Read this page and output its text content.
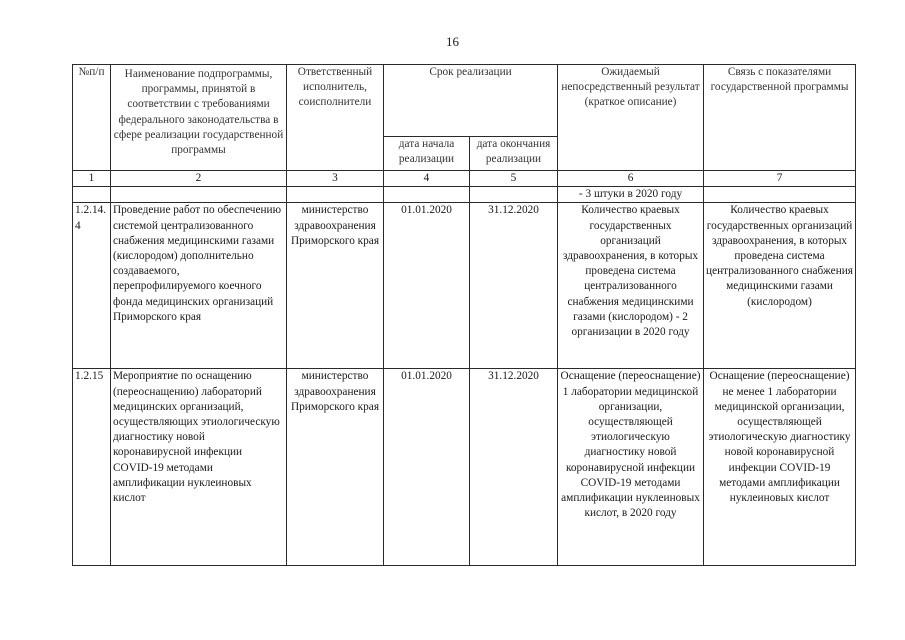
16
№п/п	Наименование подпрограммы, программы, принятой в соответствии с требованиями федерального законодательства в сфере реализации государственной программы	Ответственный исполнитель, соисполнители	Срок реализации		Ожидаемый непосредственный результат (краткое описание)	Связь с показателями государственной программы
			дата начала реализации	дата окончания реализации		
1	2	3	4	5	6	7
					- 3 штуки в 2020 году	
1.2.14.4	Проведение работ по обеспечению системой централизованного снабжения медицинскими газами (кислородом) дополнительно создаваемого, перепрофилируемого коечного фонда медицинских организаций Приморского края	министерство здравоохранения Приморского края	01.01.2020	31.12.2020	Количество краевых государственных организаций здравоохранения, в которых проведена система централизованного снабжения медицинскими газами (кислородом) - 2 организации в 2020 году	Количество краевых государственных организаций здравоохранения, в которых проведена система централизованного снабжения медицинскими газами (кислородом)
1.2.15	Мероприятие по оснащению (переоснащению) лабораторий медицинских организаций, осуществляющих этиологическую диагностику новой коронавирусной инфекции COVID-19 методами амплификации нуклеиновых кислот	министерство здравоохранения Приморского края	01.01.2020	31.12.2020	Оснащение (переоснащение) 1 лаборатории медицинской организации, осуществляющей этиологическую диагностику новой коронавирусной инфекции COVID-19 методами амплификации нуклеиновых кислот, в 2020 году	Оснащение (переоснащение) не менее 1 лаборатории медицинской организации, осуществляющей этиологическую диагностику новой коронавирусной инфекции COVID-19 методами амплификации нуклеиновых кислот
